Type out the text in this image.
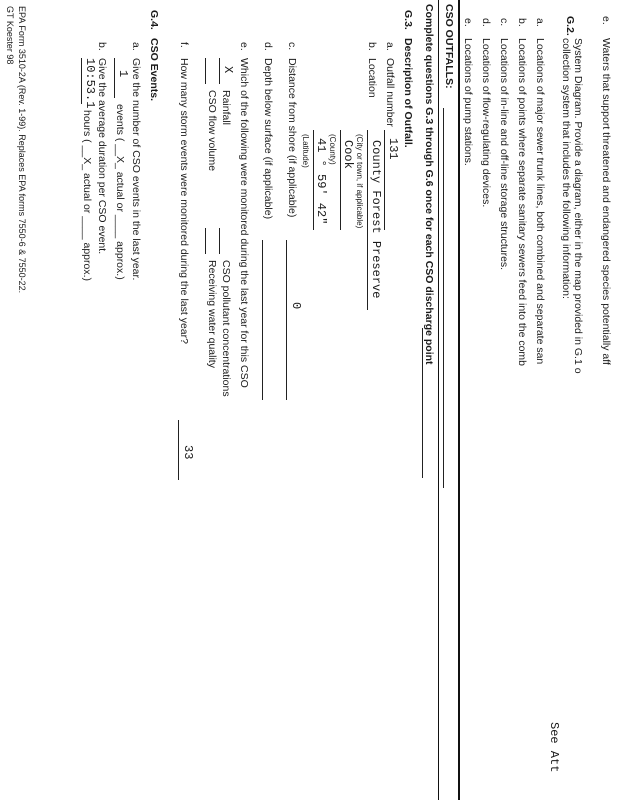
e.
Waters that support threatened and endangered species potentially aff
G.2.
System Diagram. Provide a diagram, either in the map provided in G.1 o
collection system that includes the following information:
See Att
a.
Locations of major sewer trunk lines, both combined and separate san
b.
Locations of points where separate sanitary sewers feed into the comb
c.
Locations of in-line and off-line storage structures.
d.
Locations of flow-regulating devices.
e.
Locations of pump stations.
CSO OUTFALLS:
Complete questions G.3 through G.6 once for each CSO discharge point
G.3.
Description of Outfall.
a.
Outfall number
131
b.
Location
County Forest Preserve
(City or town, if applicable)
Cook
(County)
41 ° 59' 42"
(Latitude)
c.
Distance from shore (if applicable)
0
d.
Depth below surface (if applicable)
e.
Which of the following were monitored during the last year for this CSO
X
Rainfall
CSO flow volume
CSO pollutant concentrations
Receiving water quality
f.
How many storm events were monitored during the last year?
33
G.4.
CSO Events.
a.
Give the number of CSO events in the last year.
1
events ( __X_ actual or ____ approx.)
b.
Give the average duration per CSO event.
10:53.1
hours ( __X_ actual or ____ approx.)
EPA Form 3510-2A (Rev. 1-99). Replaces EPA forms 7550-6 & 7550-22.
GT Koester 98
